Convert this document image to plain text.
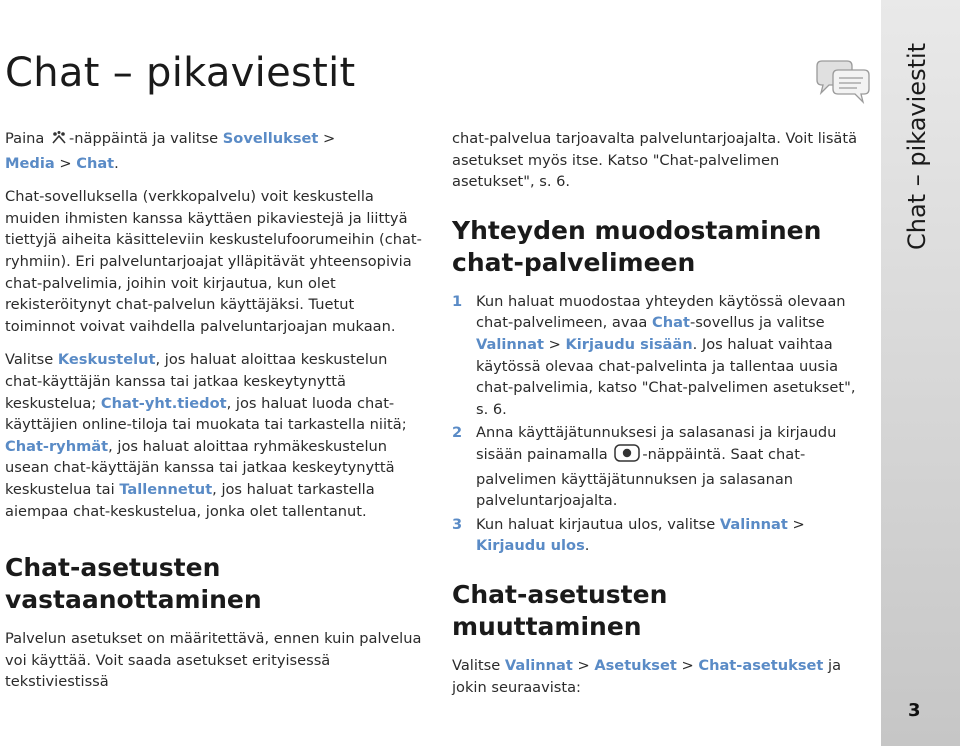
Chat – pikaviestit

Paina -näppäintä ja valitse Sovellukset >
Media > Chat.

Chat-sovelluksella (verkkopalvelu) voit keskustella muiden ihmisten kanssa käyttäen pikaviestejä ja liittyä tiettyjä aiheita käsitteleviin keskustelufoorumeihin (chat-ryhmiin). Eri palveluntarjoajat ylläpitävät yhteensopivia chat-palvelimia, joihin voit kirjautua, kun olet rekisteröitynyt chat-palvelun käyttäjäksi. Tuetut toiminnot voivat vaihdella palveluntarjoajan mukaan.

Valitse Keskustelut, jos haluat aloittaa keskustelun chat-käyttäjän kanssa tai jatkaa keskeytynyttä keskustelua; Chat-yht.tiedot, jos haluat luoda chat-käyttäjien online-tiloja tai muokata tai tarkastella niitä; Chat-ryhmät, jos haluat aloittaa ryhmäkeskustelun usean chat-käyttäjän kanssa tai jatkaa keskeytynyttä keskustelua tai Tallennetut, jos haluat tarkastella aiempaa chat-keskustelua, jonka olet tallentanut.

Chat-asetusten vastaanottaminen

Palvelun asetukset on määritettävä, ennen kuin palvelua voi käyttää. Voit saada asetukset erityisessä tekstiviestissä

chat-palvelua tarjoavalta palveluntarjoajalta. Voit lisätä asetukset myös itse. Katso "Chat-palvelimen asetukset", s. 6.

Yhteyden muodostaminen chat-palvelimeen
1 Kun haluat muodostaa yhteyden käytössä olevaan chat-palvelimeen, avaa Chat-sovellus ja valitse Valinnat > Kirjaudu sisään. Jos haluat vaihtaa käytössä olevaa chat-palvelinta ja tallentaa uusia chat-palvelimia, katso "Chat-palvelimen asetukset", s. 6.
2 Anna käyttäjätunnuksesi ja salasanasi ja kirjaudu sisään painamalla -näppäintä. Saat chat-palvelimen käyttäjätunnuksen ja salasanan palveluntarjoajalta.
3 Kun haluat kirjautua ulos, valitse Valinnat >
Kirjaudu ulos.
Chat-asetusten muuttaminen

Valitse Valinnat > Asetukset > Chat-asetukset ja jokin seuraavista:

Chat – pikaviestit
3
